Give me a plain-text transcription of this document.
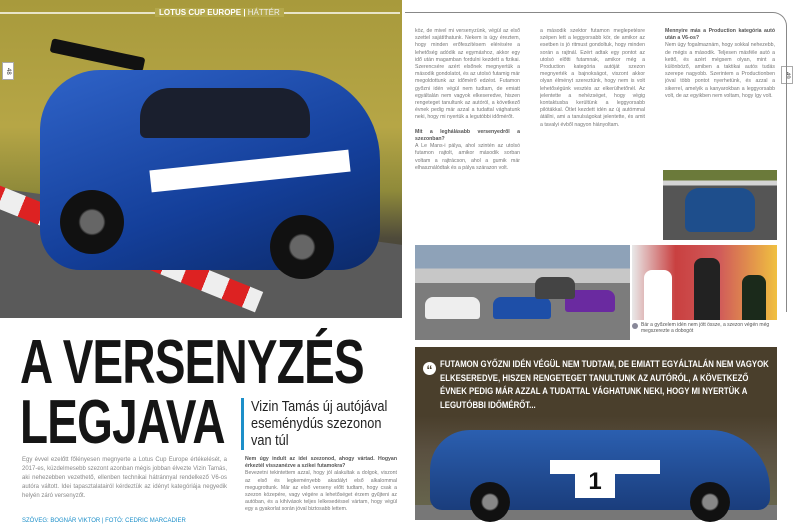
LOTUS CUP EUROPE | HÁTTÉR
48
49
A VERSENYZÉS
LEGJAVA Vizin Tamás új autójával eseménydús szezonon van túl
Egy évvel ezelőtt főlényesen megnyerte a Lotus Cup Europe értékelését, a 2017-es, küzdelmesebb szezont azonban mégis jobban élvezte Vizin Tamás, aki nehezebben vezethető, ellenben technikai hátránnyal rendelkező V6-os autóra váltott. Idei tapasztalatairól kérdeztük az idényt kategóriája negyedik helyén záró versenyzőt.
SZÖVEG: BOGNÁR VIKTOR | FOTÓ: CEDRIC MARCADIER
Nem úgy indult az idei szezonod, ahogy vártad. Hogyan érkeztél visszanézve a szikei futamokra?
Bevezetni tekintettem azzal, hogy jól alakultak a dolgok, viszont az első és legkeményebb akadályt első alkalommal megugrottunk. Már az első verseny előtt tudtam, hogy csak a szezon közepére, vagy végére a lehetőséget érzem gyűjteni az autóban, és a kihívások teljes lelkesedéssel vártam, hogy végül egy a gyakorlat során jóval biztosabb lettem.
köz, de mivel mi versenyzünk, végül az első szettel sajátíthatunk. Nekem is úgy éreztem, hogy minden erőfeszítésem elérésére a lehetőség adódik az egymáshoz, akkor egy idő után magamban fordulni kezdett a fizikai. Szerencsére azért elsőnek megnyertük a második gondolatot, és az utolsó futamig már megoldottunk az időmérő edzést. Futamon győzni idén végül nem tudtam, de emiatt egyáltalán nem vagyok elkeseredve, hiszen rengeteget tanultunk az autóról, a következő évnek pedig már azzal a tudattal vághatunk neki, hogy mi nyertük a legutóbbi időmérőt.

Mit a leghálásabb versenyedről a szezonban?
A Le Mans-i pálya, ahol szintén az utolsó futamon rajtolt, amikor második sorban voltam a rajtrácson, ahol a gumik már elhasználódtak és a pálya szárazon volt.
a második szektor futamon meglepetésre szépen lett a leggyorsabb kör, de amikor az esetben is jó ritmust gondoltuk, hogy minden során a rajtnál. Ezért adtak egy pontot az utolsó előtti futamnak, amikor még a Production kategória autóját szezon megnyerték a bajnokságot, viszont akkor olyan élményt szereztünk, hogy nem is volt lehetőségünk vesztés az elkerülhetőnél. Az jelentette a nehézséget, hogy végig kontaktusba kerültünk a leggyorsabb pilótákkal. Ötlet kezdett idén az új autómmal átállni, ami a tanulságokat jelentette, és amit a tavalyi évből nagyon hiányoltam.
Mennyire más a Production kategória autó után a V6-os?
Nem úgy fogalmaznám, hogy sokkal nehezebb, de mégis a második. Teljesen másféle autó a kettő, és azért mégsem olyan, mint a különböző, amiben a taktikai autós tudás szerepe nagyobb. Szerintem a Productionben jóval több pontot nyerhetünk, és azzal a sikerrel, amelyik a kanyarokban a leggyorsabb volt, de az egyikben nem voltam, hogy így volt.
Bár a győzelem idén nem jött össze, a szezon végén még megszerezte a dobogót
“ FUTAMON GYŐZNI IDÉN VÉGÜL NEM TUDTAM, DE EMIATT EGYÁLTALÁN NEM VAGYOK ELKESEREDVE, HISZEN RENGETEGET TANULTUNK AZ AUTÓRÓL, A KÖVETKEZŐ ÉVNEK PEDIG MÁR AZZAL A TUDATTAL VÁGHATUNK NEKI, HOGY MI NYERTÜK A LEGUTÓBBI IDŐMÉRŐT...
1
